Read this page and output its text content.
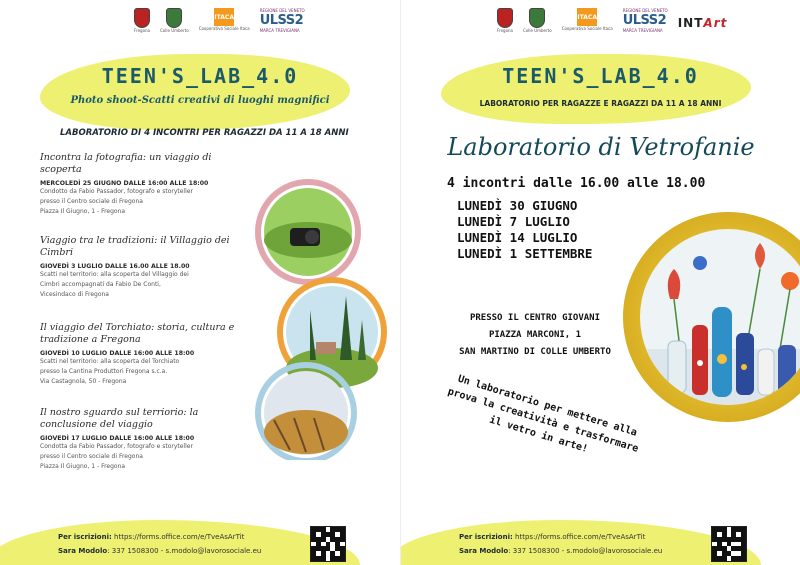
Fregona	Colle Umberto
ITACA
Cooperativa Sociale Itaca
REGIONE DEL VENETO
ULSS2
MARCA TREVIGIANA
TEEN'S_LAB_4.0
Photo shoot-Scatti creativi di luoghi magnifici
LABORATORIO DI 4 INCONTRI PER RAGAZZI DA 11 A 18 ANNI
Incontra la fotografia: un viaggio di scoperta
MERCOLEDÌ 25 GIUGNO DALLE 16:00 ALLE 18:00
Condotto da Fabio Passador, fotografo e storyteller
presso il Centro sociale di Fregona
Piazza Il Giugno, 1 - Fregona
Viaggio tra le tradizioni: il Villaggio dei Cimbri
GIOVEDÌ 3 LUGLIO DALLE 16.00 ALLE 18.00
Scatti nel territorio: alla scoperta del Villaggio dei
Cimbri accompagnati da Fabio De Conti,
Vicesindaco di Fregona
Il viaggio del Torchiato: storia, cultura e tradizione a Fregona
GIOVEDÌ 10 LUGLIO DALLE 16:00 ALLE 18:00
Scatti nel territorio: alla scoperta del Torchiato
presso la Cantina Produttori Fregona s.c.a.
Via Castagnola, 50 - Fregona
Il nostro sguardo sul terriorio: la conclusione del viaggio
GIOVEDÌ 17 LUGLIO DALLE 16:00 ALLE 18:00
Condotta da Fabio Passador, fotografo e storyteller
presso il Centro sociale di Fregona
Piazza Il Giugno, 1 - Fregona
Per iscrizioni: https://forms.office.com/e/TveAsArTit
Sara Modolo: 337 1508300 - s.modolo@lavorosociale.eu
Fregona	Colle Umberto
ITACA
Cooperativa Sociale Itaca
REGIONE DEL VENETO
ULSS2
MARCA TREVIGIANA
INTArt
TEEN'S_LAB_4.0
LABORATORIO PER RAGAZZE E RAGAZZI DA 11 A 18 ANNI
Laboratorio di Vetrofanie
4 incontri dalle 16.00 alle 18.00
LUNEDÌ 30 GIUGNO
LUNEDÌ 7 LUGLIO
LUNEDÌ 14 LUGLIO
LUNEDÌ 1 SETTEMBRE
PRESSO IL CENTRO GIOVANI
PIAZZA MARCONI, 1
SAN MARTINO DI COLLE UMBERTO
Un laboratorio per mettere alla prova la creatività e trasformare il vetro in arte!
Per iscrizioni: https://forms.office.com/e/TveAsArTit
Sara Modolo: 337 1508300 - s.modolo@lavorosociale.eu
